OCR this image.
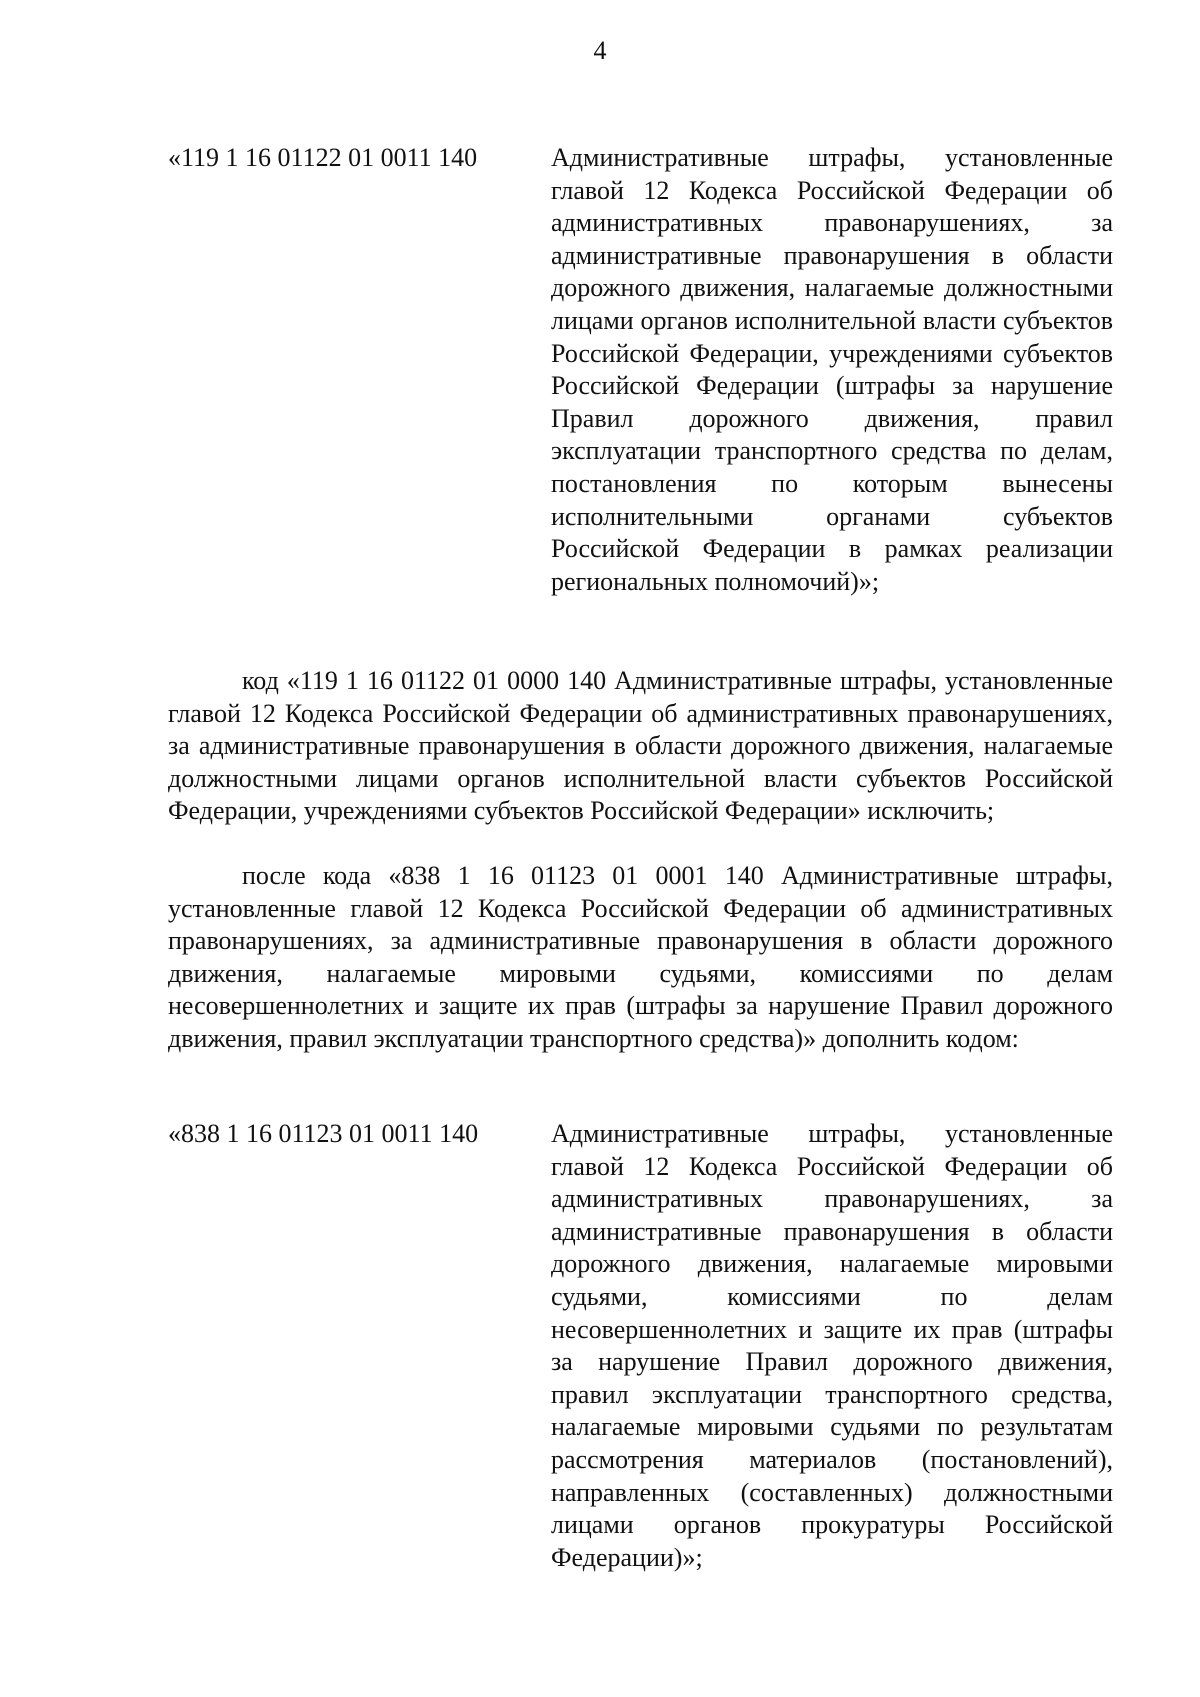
4
«119 1 16 01122 01 0011 140	Административные штрафы, установленные главой 12 Кодекса Российской Федерации об административных правонарушениях, за административные правонарушения в области дорожного движения, налагаемые должностными лицами органов исполнительной власти субъектов Российской Федерации, учреждениями субъектов Российской Федерации (штрафы за нарушение Правил дорожного движения, правил эксплуатации транспортного средства по делам, постановления по которым вынесены исполнительными органами субъектов Российской Федерации в рамках реализации региональных полномочий)»;
код «119 1 16 01122 01 0000 140 Административные штрафы, установленные главой 12 Кодекса Российской Федерации об административных правонарушениях, за административные правонарушения в области дорожного движения, налагаемые должностными лицами органов исполнительной власти субъектов Российской Федерации, учреждениями субъектов Российской Федерации» исключить;
после кода «838 1 16 01123 01 0001 140 Административные штрафы, установленные главой 12 Кодекса Российской Федерации об административных правонарушениях, за административные правонарушения в области дорожного движения, налагаемые мировыми судьями, комиссиями по делам несовершеннолетних и защите их прав (штрафы за нарушение Правил дорожного движения, правил эксплуатации транспортного средства)» дополнить кодом:
«838 1 16 01123 01 0011 140	Административные штрафы, установленные главой 12 Кодекса Российской Федерации об административных правонарушениях, за административные правонарушения в области дорожного движения, налагаемые мировыми судьями, комиссиями по делам несовершеннолетних и защите их прав (штрафы за нарушение Правил дорожного движения, правил эксплуатации транспортного средства, налагаемые мировыми судьями по результатам рассмотрения материалов (постановлений), направленных (составленных) должностными лицами органов прокуратуры Российской Федерации)»;
